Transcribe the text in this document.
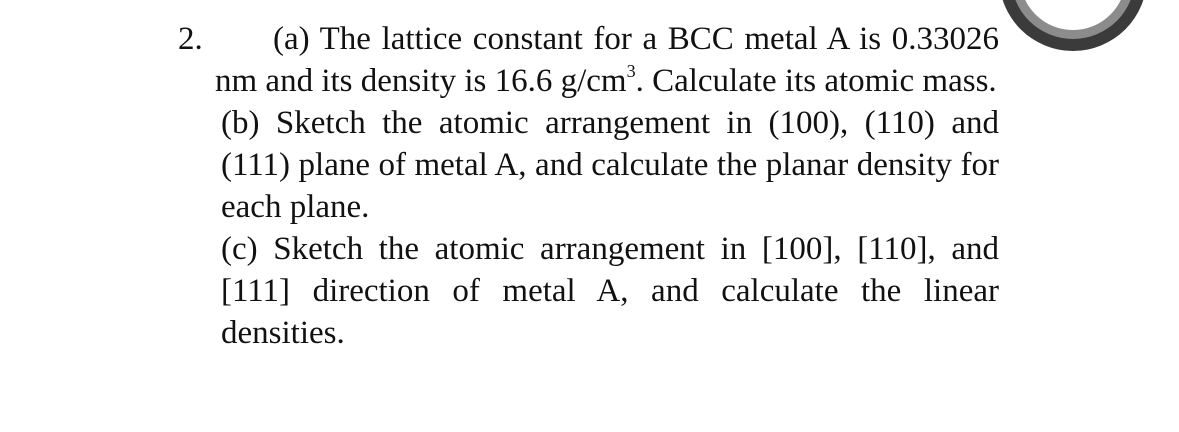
2.	(a) The lattice constant for a BCC metal A is 0.33026 nm and its density is 16.6 $g/cm^3$. Calculate its atomic mass.
(b) Sketch the atomic arrangement in (100), (110) and (111) plane of metal A, and calculate the planar density for each plane.
(c) Sketch the atomic arrangement in [100], [110], and [111] direction of metal A, and calculate the linear densities.
